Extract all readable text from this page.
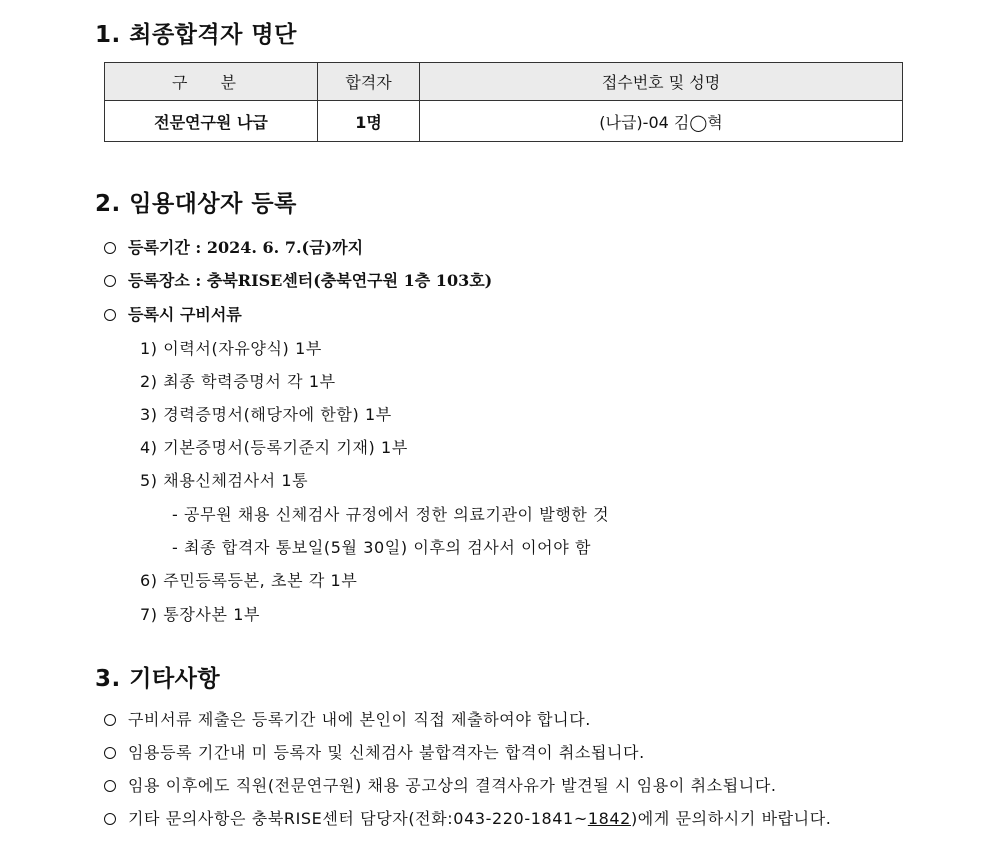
1. 최종합격자 명단
구 분	합격자	접수번호 및 성명
전문연구원 나급	1명	(나급)-04 김◯혁
2. 임용대상자 등록
등록기간 : 2024. 6. 7.(금)까지
등록장소 : 충북RISE센터(충북연구원 1층 103호)
등록시 구비서류
1) 이력서(자유양식) 1부
2) 최종 학력증명서 각 1부
3) 경력증명서(해당자에 한함) 1부
4) 기본증명서(등록기준지 기재) 1부
5) 채용신체검사서 1통
- 공무원 채용 신체검사 규정에서 정한 의료기관이 발행한 것
- 최종 합격자 통보일(5월 30일) 이후의 검사서 이어야 함
6) 주민등록등본, 초본 각 1부
7) 통장사본 1부
3. 기타사항
구비서류 제출은 등록기간 내에 본인이 직접 제출하여야 합니다.
임용등록 기간내 미 등록자 및 신체검사 불합격자는 합격이 취소됩니다.
임용 이후에도 직원(전문연구원) 채용 공고상의 결격사유가 발견될 시 임용이 취소됩니다.
기타 문의사항은 충북RISE센터 담당자(전화:043-220-1841~1842)에게 문의하시기 바랍니다.
